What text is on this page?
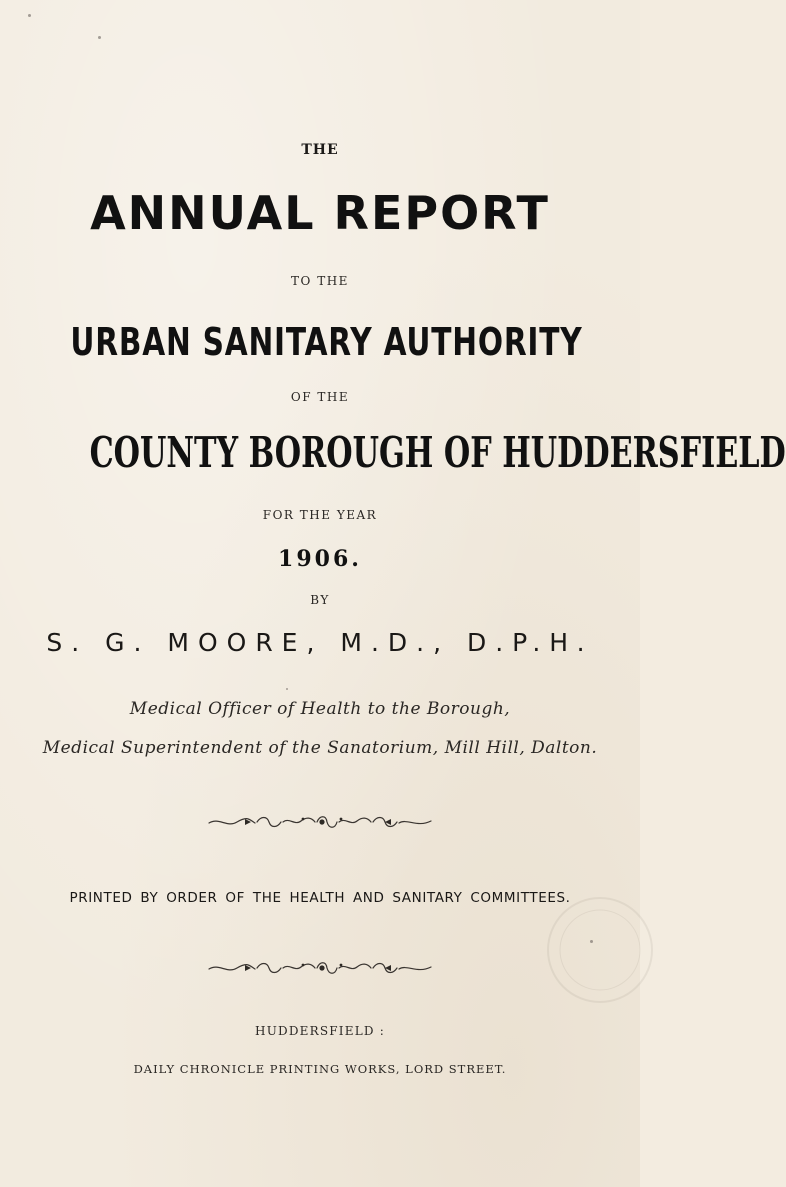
THE
ANNUAL REPORT
TO THE
URBAN SANITARY AUTHORITY
OF THE
COUNTY BOROUGH OF HUDDERSFIELD
FOR THE YEAR
1906.
BY
S. G. MOORE, M.D., D.P.H.
Medical Officer of Health to the Borough,
Medical Superintendent of the Sanatorium, Mill Hill, Dalton.
PRINTED BY ORDER OF THE HEALTH AND SANITARY COMMITTEES.
HUDDERSFIELD :
DAILY CHRONICLE PRINTING WORKS, LORD STREET.
